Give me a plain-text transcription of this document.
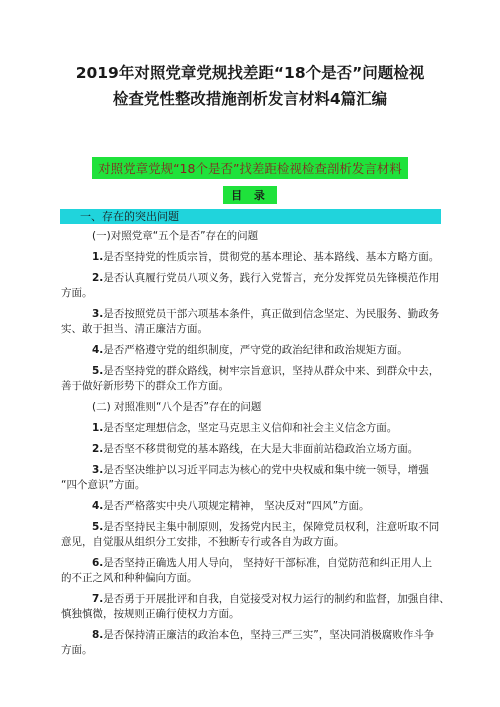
2019年对照党章党规找差距“18个是否”问题检视
检查党性整改措施剖析发言材料4篇汇编
对照党章党规“18个是否”找差距检视检查剖析发言材料
目 录
一、存在的突出问题
(一)对照党章“五个是否”存在的问题
1.是否坚持党的性质宗旨，贯彻党的基本理论、基本路线、基本方略方面。
2.是否认真履行党员八项义务，践行入党誓言，充分发挥党员先锋模范作用
方面。
3.是否按照党员干部六项基本条件，真正做到信念坚定、为民服务、勤政务
实、敢于担当、清正廉洁方面。
4.是否严格遵守党的组织制度，严守党的政治纪律和政治规矩方面。
5.是否坚持党的群众路线，树牢宗旨意识，坚持从群众中来、到群众中去，
善于做好新形势下的群众工作方面。
(二) 对照准则“八个是否”存在的问题
1.是否坚定理想信念，坚定马克思主义信仰和社会主义信念方面。
2.是否坚不移贯彻党的基本路线，在大是大非面前站稳政治立场方面。
3.是否坚决维护以习近平同志为核心的党中央权威和集中统一领导，增强
“四个意识”方面。
4.是否严格落实中央八项规定精神， 坚决反对“四风”方面。
5.是否坚持民主集中制原则，发扬党内民主，保障党员权利，注意听取不同
意见，自觉服从组织分工安排，不独断专行或各自为政方面。
6.是否坚持正确选人用人导向， 坚持好干部标准，自觉防范和纠正用人上
的不正之风和种种偏向方面。
7.是否勇于开展批评和自我，自觉接受对权力运行的制约和监督，加强自律、
慎独慎微，按规则正确行使权力方面。
8.是否保持清正廉洁的政治本色，坚持三严三实”，坚决同消极腐败作斗争
方面。
